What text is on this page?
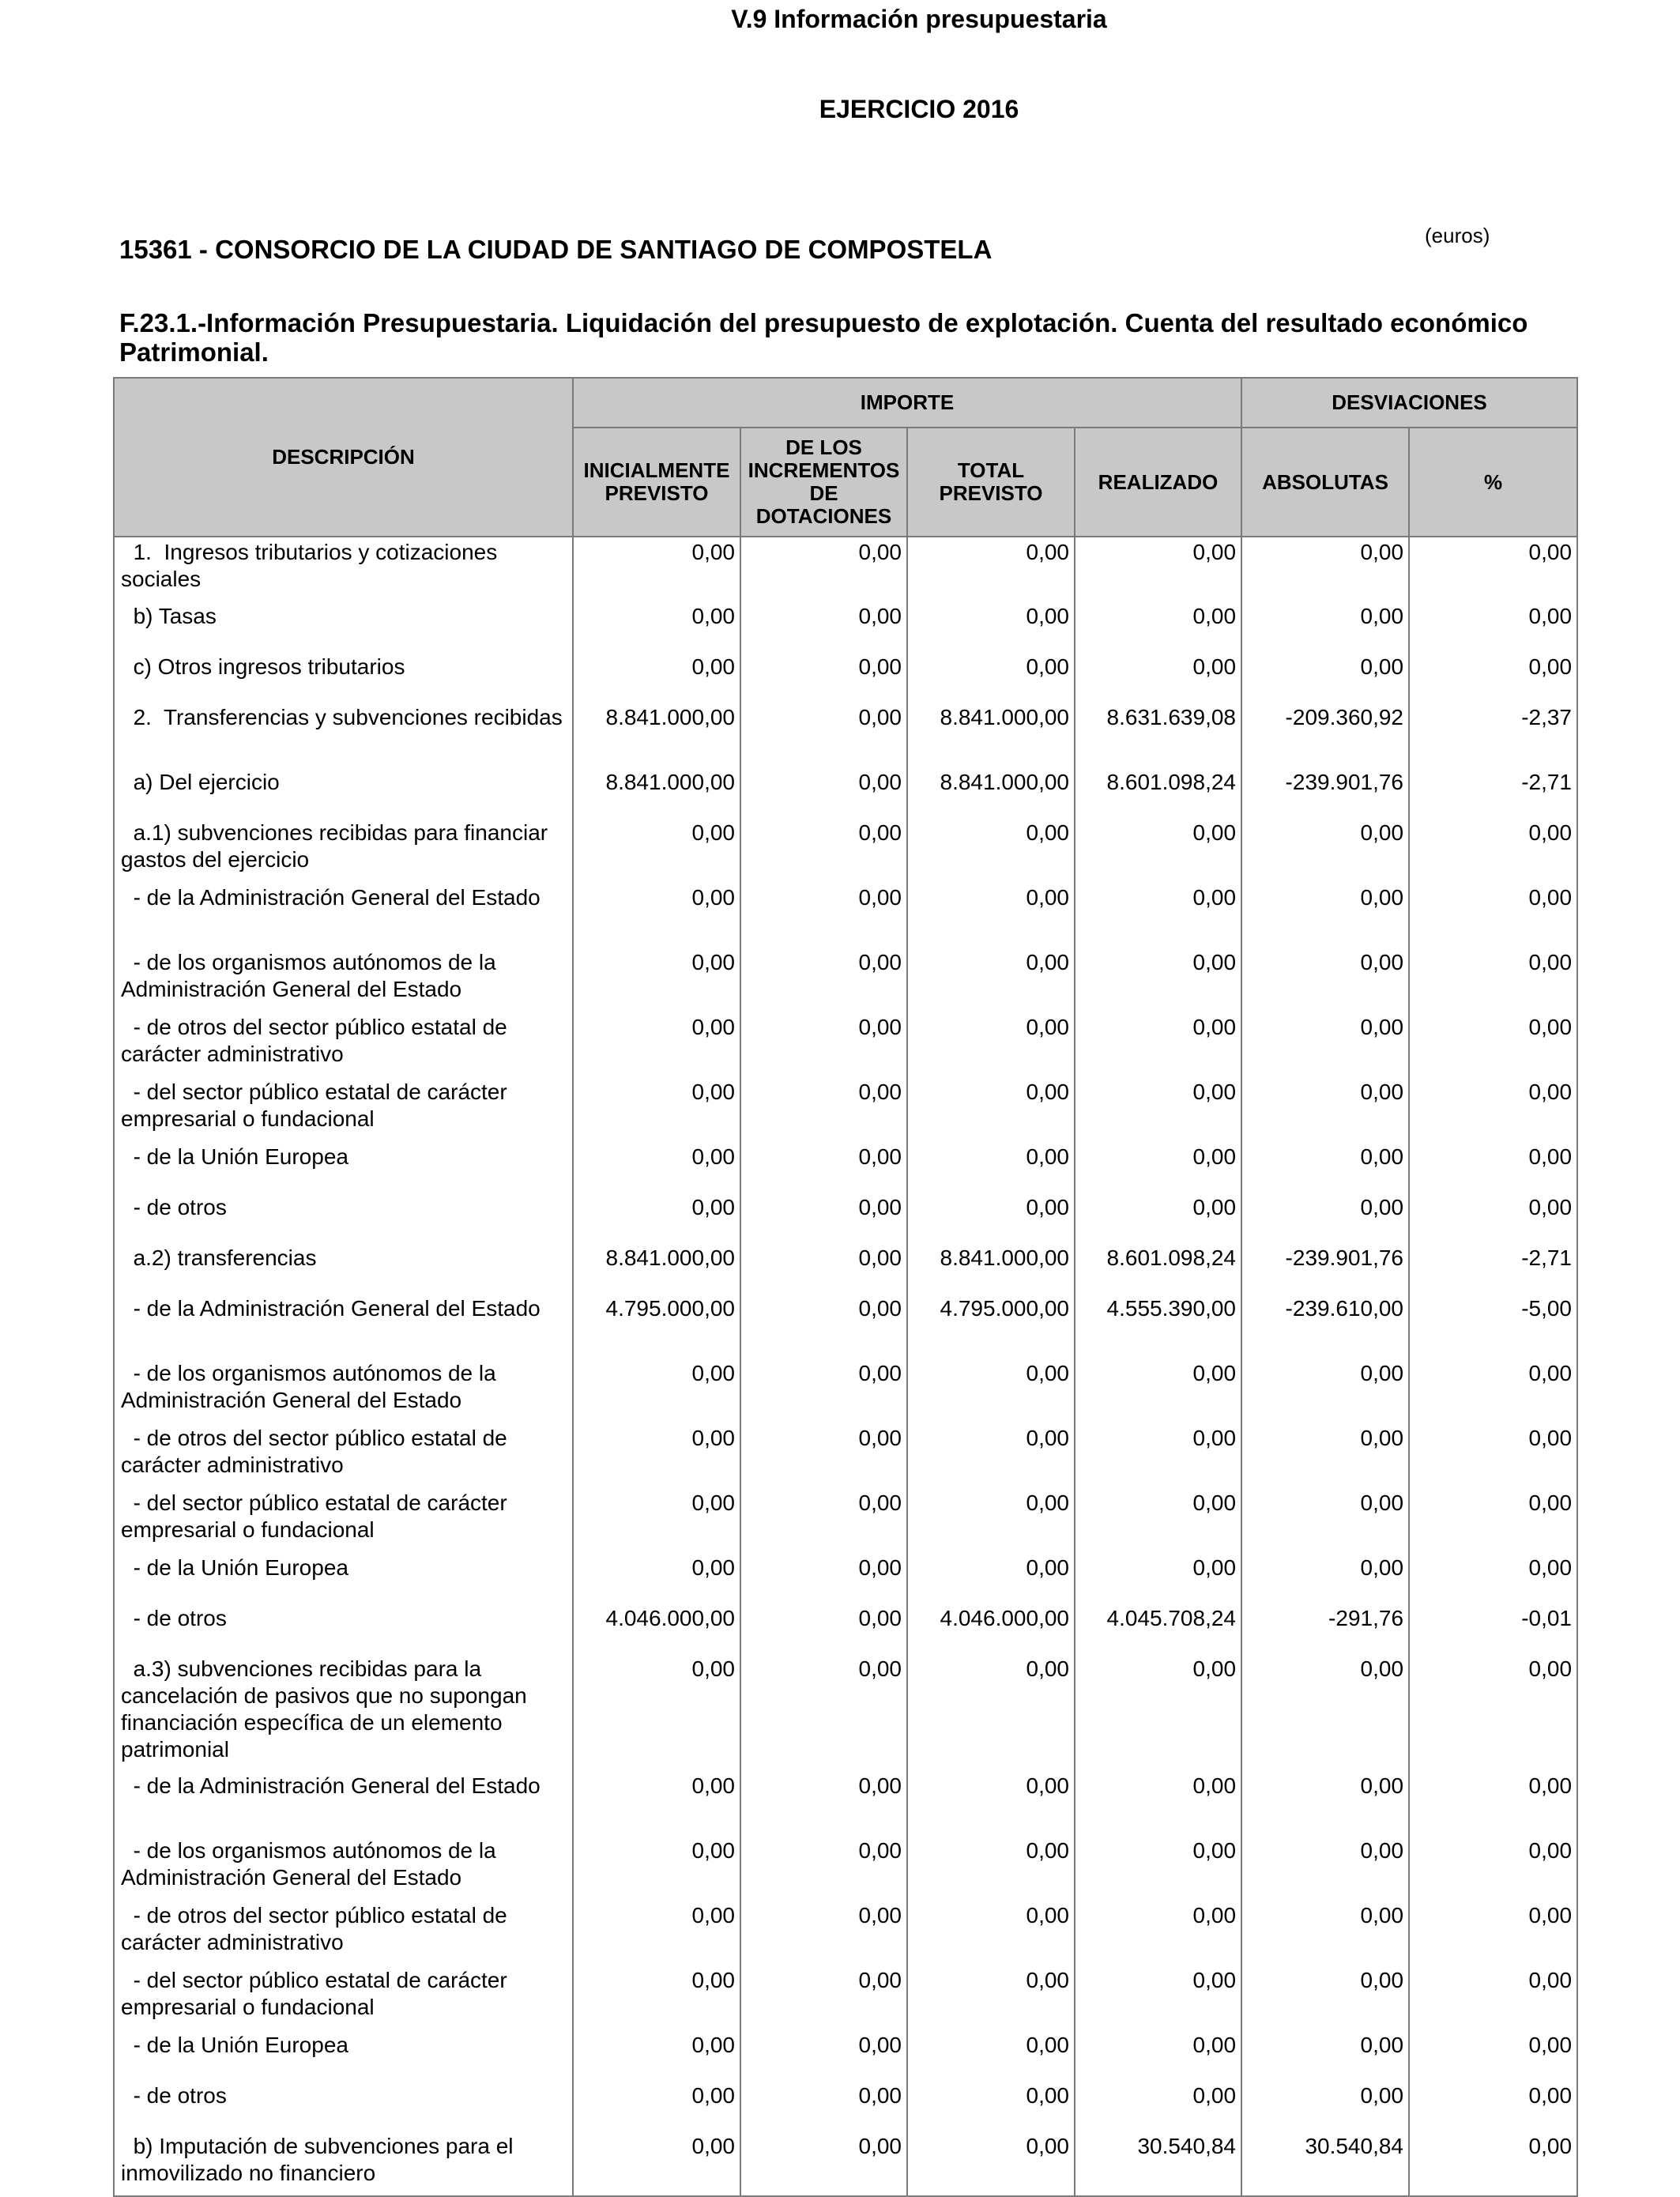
V.9 Información presupuestaria
EJERCICIO 2016
(euros)
15361 - CONSORCIO DE LA CIUDAD DE SANTIAGO DE COMPOSTELA
F.23.1.-Información Presupuestaria. Liquidación del presupuesto de explotación. Cuenta del resultado económico Patrimonial.
DESCRIPCIÓN	IMPORTE				DESVIACIONES	
	INICIALMENTE PREVISTO	DE LOS INCREMENTOS DE DOTACIONES	TOTAL PREVISTO	REALIZADO	ABSOLUTAS	%
1.  Ingresos tributarios y cotizaciones sociales	0,00	0,00	0,00	0,00	0,00	0,00
b) Tasas	0,00	0,00	0,00	0,00	0,00	0,00
c) Otros ingresos tributarios	0,00	0,00	0,00	0,00	0,00	0,00
2.  Transferencias y subvenciones recibidas	8.841.000,00	0,00	8.841.000,00	8.631.639,08	-209.360,92	-2,37
a) Del ejercicio	8.841.000,00	0,00	8.841.000,00	8.601.098,24	-239.901,76	-2,71
a.1) subvenciones recibidas para financiar gastos del ejercicio	0,00	0,00	0,00	0,00	0,00	0,00
- de la Administración General del Estado	0,00	0,00	0,00	0,00	0,00	0,00
- de los organismos autónomos de la Administración General del Estado	0,00	0,00	0,00	0,00	0,00	0,00
- de otros del sector público estatal de carácter administrativo	0,00	0,00	0,00	0,00	0,00	0,00
- del sector público estatal de carácter empresarial o fundacional	0,00	0,00	0,00	0,00	0,00	0,00
- de la Unión Europea	0,00	0,00	0,00	0,00	0,00	0,00
- de otros	0,00	0,00	0,00	0,00	0,00	0,00
a.2) transferencias	8.841.000,00	0,00	8.841.000,00	8.601.098,24	-239.901,76	-2,71
- de la Administración General del Estado	4.795.000,00	0,00	4.795.000,00	4.555.390,00	-239.610,00	-5,00
- de los organismos autónomos de la Administración General del Estado	0,00	0,00	0,00	0,00	0,00	0,00
- de otros del sector público estatal de carácter administrativo	0,00	0,00	0,00	0,00	0,00	0,00
- del sector público estatal de carácter empresarial o fundacional	0,00	0,00	0,00	0,00	0,00	0,00
- de la Unión Europea	0,00	0,00	0,00	0,00	0,00	0,00
- de otros	4.046.000,00	0,00	4.046.000,00	4.045.708,24	-291,76	-0,01
a.3) subvenciones recibidas para la cancelación de pasivos que no supongan financiación específica de un elemento patrimonial	0,00	0,00	0,00	0,00	0,00	0,00
- de la Administración General del Estado	0,00	0,00	0,00	0,00	0,00	0,00
- de los organismos autónomos de la Administración General del Estado	0,00	0,00	0,00	0,00	0,00	0,00
- de otros del sector público estatal de carácter administrativo	0,00	0,00	0,00	0,00	0,00	0,00
- del sector público estatal de carácter empresarial o fundacional	0,00	0,00	0,00	0,00	0,00	0,00
- de la Unión Europea	0,00	0,00	0,00	0,00	0,00	0,00
- de otros	0,00	0,00	0,00	0,00	0,00	0,00
b) Imputación de subvenciones para el inmovilizado no financiero	0,00	0,00	0,00	30.540,84	30.540,84	0,00
